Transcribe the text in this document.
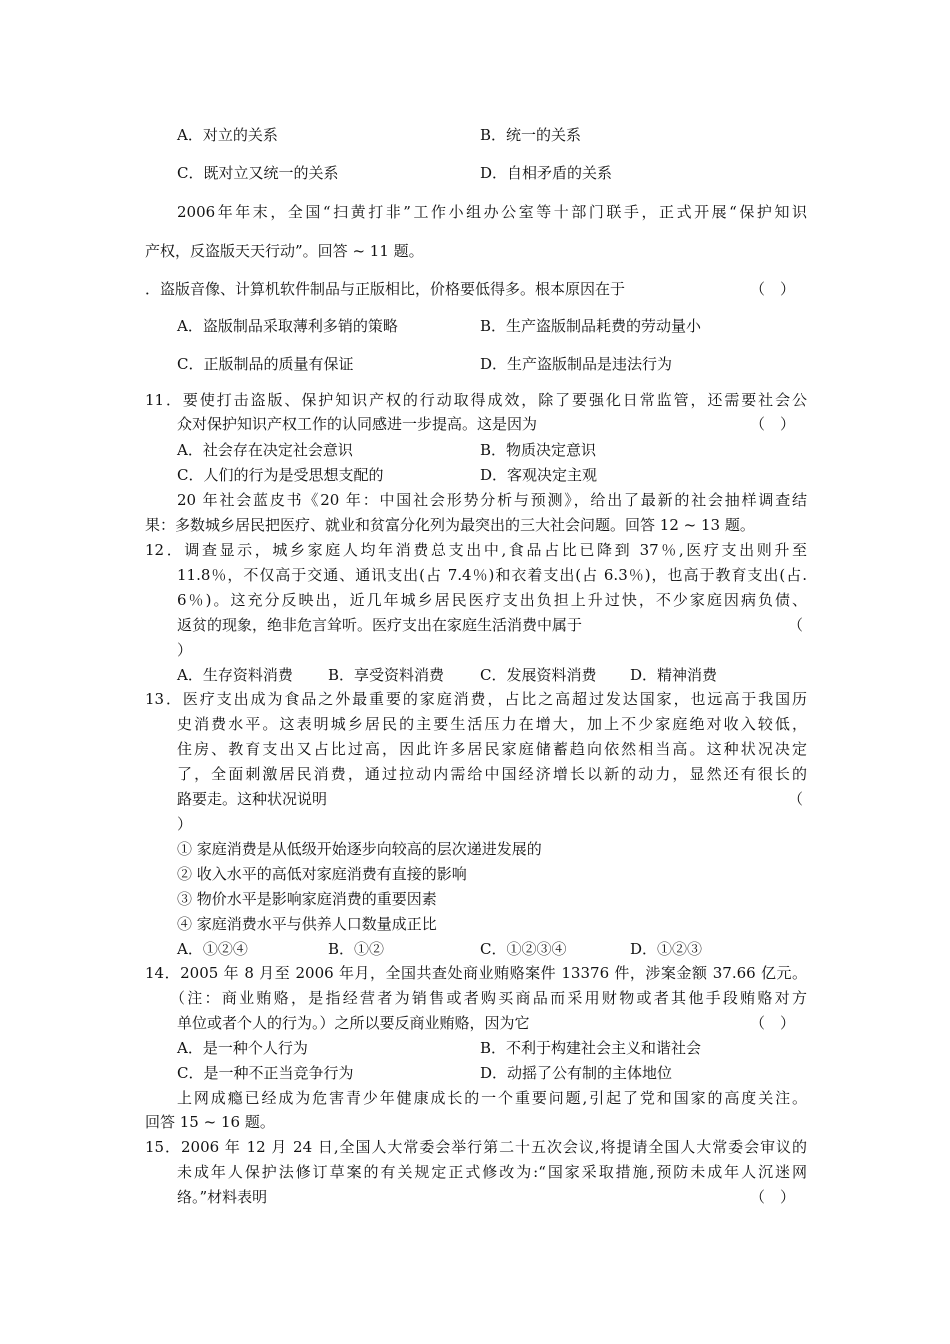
A．对立的关系	B．统一的关系
C．既对立又统一的关系	D．自相矛盾的关系
2006年年末，全国“扫黄打非”工作小组办公室等十部门联手，正式开展“保护知识
产权，反盗版天天行动”。回答 ~ 11 题。
．盗版音像、计算机软件制品与正版相比，价格要低得多。根本原因在于	（　）
A．盗版制品采取薄利多销的策略	B．生产盗版制品耗费的劳动量小
C．正版制品的质量有保证	D．生产盗版制品是违法行为
11．要使打击盗版、保护知识产权的行动取得成效，除了要强化日常监管，还需要社会公
众对保护知识产权工作的认同感进一步提高。这是因为	（　）
A．社会存在决定社会意识	B．物质决定意识
C．人们的行为是受思想支配的	D．客观决定主观
20 年社会蓝皮书《20 年：中国社会形势分析与预测》，给出了最新的社会抽样调查结
果：多数城乡居民把医疗、就业和贫富分化列为最突出的三大社会问题。回答 12 ~ 13 题。
12．调查显示，城乡家庭人均年消费总支出中,食品占比已降到 37％,医疗支出则升至
11.8％，不仅高于交通、通讯支出(占 7.4％)和衣着支出(占 6.3％)，也高于教育支出(占.
6％)。这充分反映出，近几年城乡居民医疗支出负担上升过快，不少家庭因病负债、
返贫的现象，绝非危言耸听。医疗支出在家庭生活消费中属于	（
）
A．生存资料消费 B．享受资料消费 C．发展资料消费 D．精神消费
13．医疗支出成为食品之外最重要的家庭消费，占比之高超过发达国家，也远高于我国历
史消费水平。这表明城乡居民的主要生活压力在增大，加上不少家庭绝对收入较低，
住房、教育支出又占比过高，因此许多居民家庭储蓄趋向依然相当高。这种状况决定
了，全面刺激居民消费，通过拉动内需给中国经济增长以新的动力，显然还有很长的
路要走。这种状况说明	（
）
① 家庭消费是从低级开始逐步向较高的层次递进发展的
② 收入水平的高低对家庭消费有直接的影响
③ 物价水平是影响家庭消费的重要因素
④ 家庭消费水平与供养人口数量成正比
A．①②④	B．①②	C．①②③④	D．①②③
14．2005 年 8 月至 2006 年月，全国共查处商业贿赂案件 13376 件，涉案金额 37.66 亿元。
（注：商业贿赂，是指经营者为销售或者购买商品而采用财物或者其他手段贿赂对方
单位或者个人的行为。）之所以要反商业贿赂，因为它	（　）
A．是一种个人行为	B．不利于构建社会主义和谐社会
C．是一种不正当竞争行为	D．动摇了公有制的主体地位
上网成瘾已经成为危害青少年健康成长的一个重要问题,引起了党和国家的高度关注。
回答 15 ~ 16 题。
15．2006 年 12 月 24 日,全国人大常委会举行第二十五次会议,将提请全国人大常委会审议的
未成年人保护法修订草案的有关规定正式修改为:“国家采取措施,预防未成年人沉迷网
络。”材料表明	（　）
